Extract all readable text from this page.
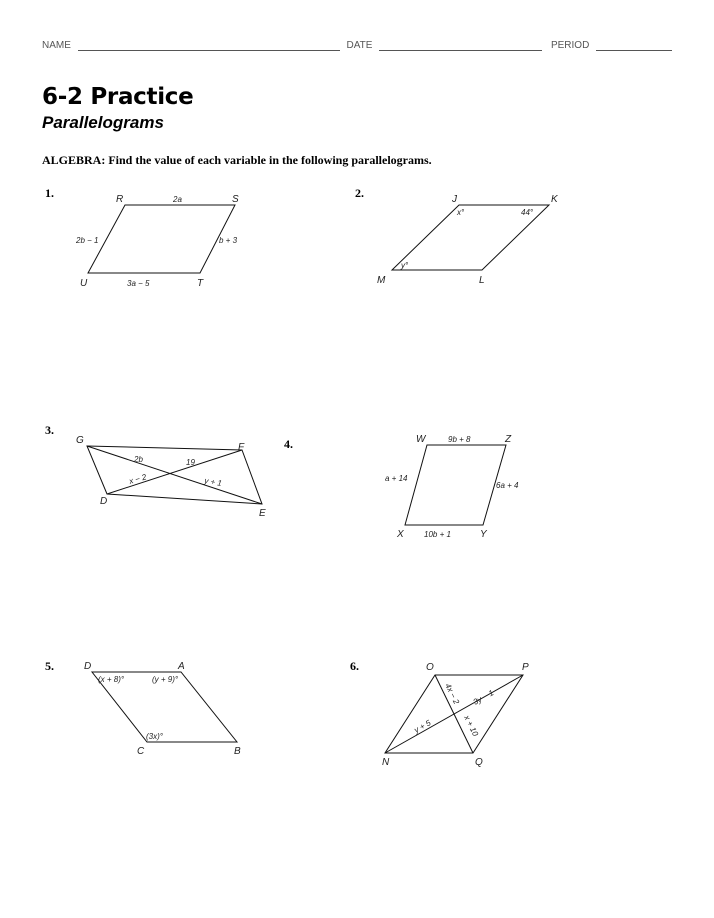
NAME	DATE	PERIOD
6-2 Practice
Parallelograms
ALGEBRA: Find the value of each variable in the following parallelograms.
1.	R	S
T
U
2a
2b − 1	b + 3
3a − 5
2.	J	K
L
M
x°	44°
y°
3.
G
F
E
D
2b	19
x − 2	y + 1
4.	W	Z
Y
X
9b + 8
a + 14
6a + 4
10b + 1
5.	D	A
B
C
(x + 8)°	(y + 9)°
(3x)°
6.	O	P
Q
N
4x − 2 3y − 1
y + 5	x + 10
